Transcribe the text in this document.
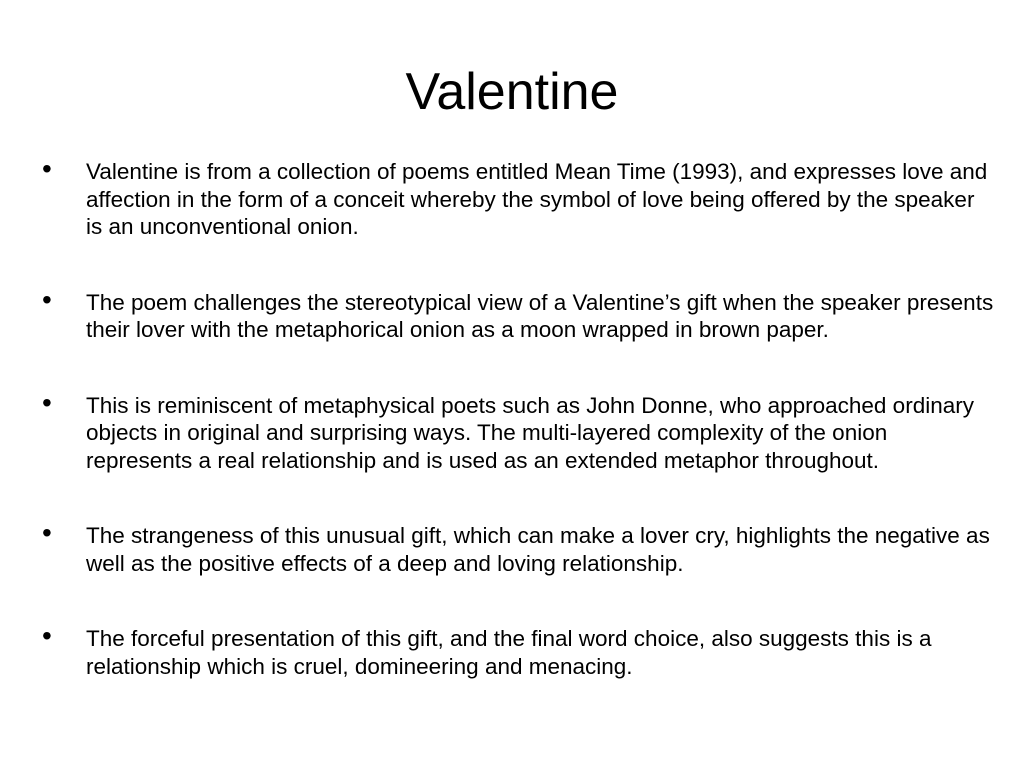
Valentine
• Valentine is from a collection of poems entitled Mean Time (1993), and expresses love and affection in the form of a conceit whereby the symbol of love being offered by the speaker is an unconventional onion.
• The poem challenges the stereotypical view of a Valentine’s gift when the speaker presents their lover with the metaphorical onion as a moon wrapped in brown paper.
• This is reminiscent of metaphysical poets such as John Donne, who approached ordinary objects in original and surprising ways. The multi-layered complexity of the onion represents a real relationship and is used as an extended metaphor throughout.
• The strangeness of this unusual gift, which can make a lover cry, highlights the negative as well as the positive effects of a deep and loving relationship.
• The forceful presentation of this gift, and the final word choice, also suggests this is a relationship which is cruel, domineering and menacing.
